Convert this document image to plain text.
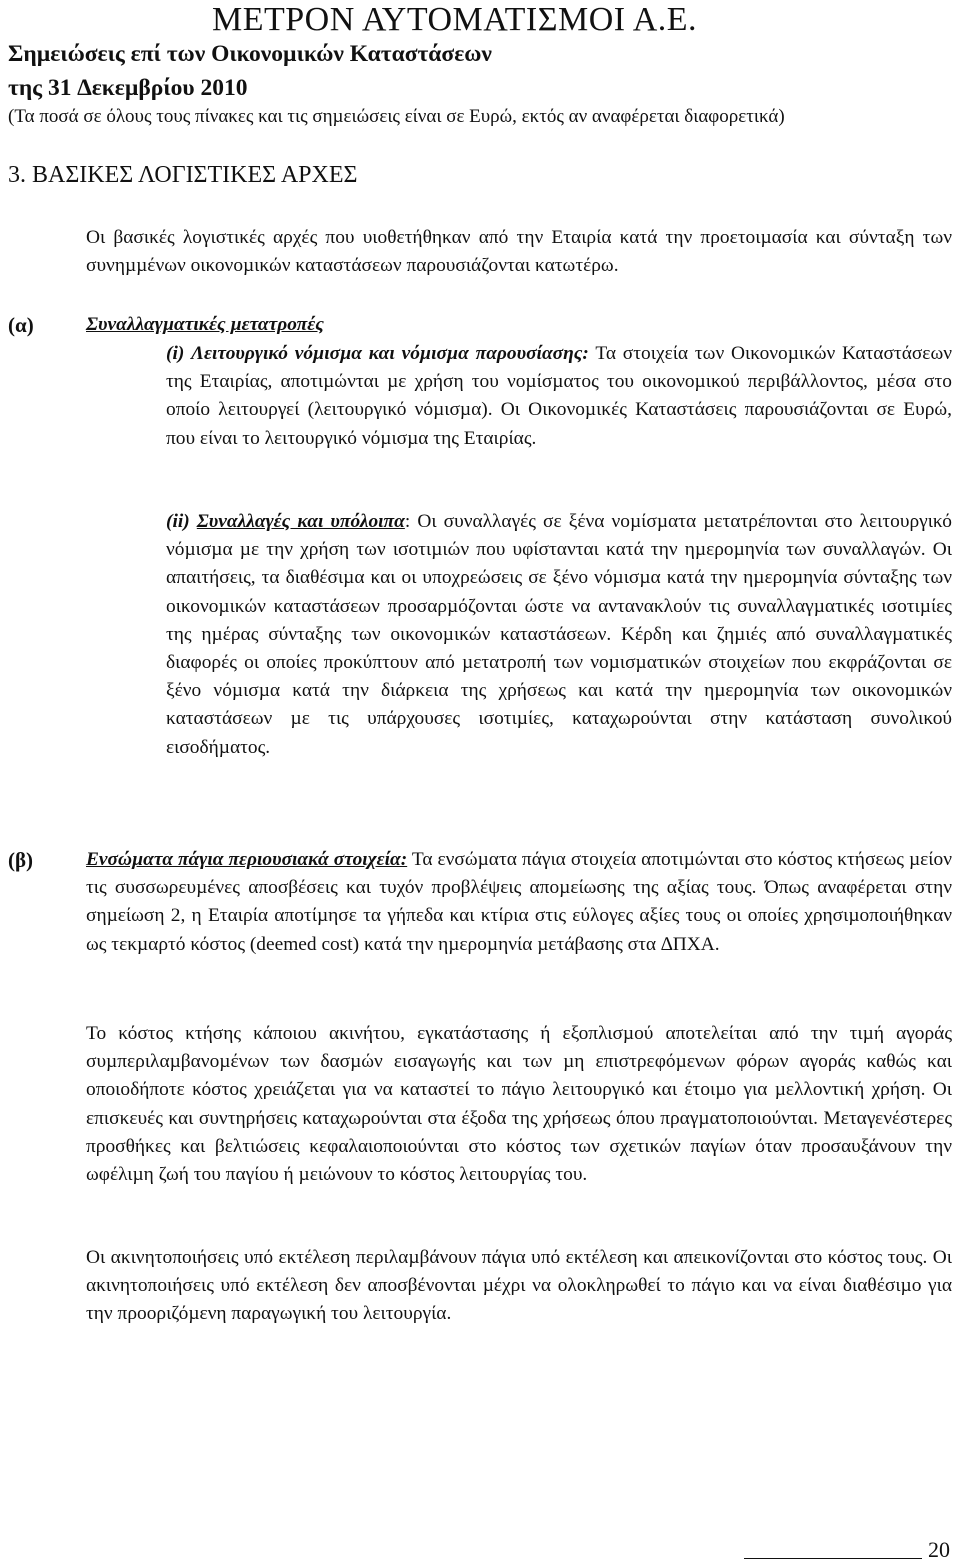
ΜΕΤΡΟΝ ΑΥΤΟΜΑΤΙΣΜΟΙ Α.Ε.
Σηµειώσεις επί των Οικονοµικών Καταστάσεων
της 31 ∆εκεµβρίου 2010
(Τα ποσά σε όλους τους πίνακες και τις σηµειώσεις είναι σε Ευρώ, εκτός αν αναφέρεται διαφορετικά)
3. ΒΑΣΙΚΕΣ ΛΟΓΙΣΤΙΚΕΣ ΑΡΧΕΣ

Οι βασικές λογιστικές αρχές που υιοθετήθηκαν από την Εταιρία κατά την προετοιµασία και σύνταξη των συνηµµένων οικονοµικών καταστάσεων παρουσιάζονται κατωτέρω.

(α)	Συναλλαγµατικές µετατροπές

(i) Λειτουργικό νόµισµα και νόµισµα παρουσίασης: Τα στοιχεία των Οικονοµικών Καταστάσεων της Εταιρίας, αποτιµώνται µε χρήση του νοµίσµατος του οικονοµικού περιβάλλοντος, µέσα στο οποίο λειτουργεί (λειτουργικό νόµισµα). Οι Οικονοµικές Καταστάσεις παρουσιάζονται σε Ευρώ, που είναι το λειτουργικό νόµισµα της Εταιρίας.

(ii) Συναλλαγές και υπόλοιπα: Οι συναλλαγές σε ξένα νοµίσµατα µετατρέπονται στο λειτουργικό νόµισµα µε την χρήση των ισοτιµιών που υφίστανται κατά την ηµεροµηνία των συναλλαγών. Οι απαιτήσεις, τα διαθέσιµα και οι υποχρεώσεις σε ξένο νόµισµα κατά την ηµεροµηνία σύνταξης των οικονοµικών καταστάσεων προσαρµόζονται ώστε να αντανακλούν τις συναλλαγµατικές ισοτιµίες της ηµέρας σύνταξης των οικονοµικών καταστάσεων. Κέρδη και ζηµιές από συναλλαγµατικές διαφορές οι οποίες προκύπτουν από µετατροπή των νοµισµατικών στοιχείων που εκφράζονται σε ξένο νόµισµα κατά την διάρκεια της χρήσεως και κατά την ηµεροµηνία των οικονοµικών καταστάσεων µε τις υπάρχουσες ισοτιµίες, καταχωρούνται στην κατάσταση συνολικού εισοδήµατος.

(β)	Ενσώµατα πάγια περιουσιακά στοιχεία: Τα ενσώµατα πάγια στοιχεία αποτιµώνται στο κόστος κτήσεως µείον τις συσσωρευµένες αποσβέσεις και τυχόν προβλέψεις αποµείωσης της αξίας τους. Όπως αναφέρεται στην σηµείωση 2, η Εταιρία αποτίµησε τα γήπεδα και κτίρια στις εύλογες αξίες τους οι οποίες χρησιµοποιήθηκαν ως τεκµαρτό κόστος (deemed cost) κατά την ηµεροµηνία µετάβασης στα ∆ΠΧΑ.

Το κόστος κτήσης κάποιου ακινήτου, εγκατάστασης ή εξοπλισµού αποτελείται από την τιµή αγοράς συµπεριλαµβανοµένων των δασµών εισαγωγής και των µη επιστρεφόµενων φόρων αγοράς καθώς και οποιοδήποτε κόστος χρειάζεται για να καταστεί το πάγιο λειτουργικό και έτοιµο για µελλοντική χρήση. Οι επισκευές και συντηρήσεις καταχωρούνται στα έξοδα της χρήσεως όπου πραγµατοποιούνται. Μεταγενέστερες προσθήκες και βελτιώσεις κεφαλαιοποιούνται στο κόστος των σχετικών παγίων όταν προσαυξάνουν την ωφέλιµη ζωή του παγίου ή µειώνουν το κόστος λειτουργίας του.

Οι ακινητοποιήσεις υπό εκτέλεση περιλαµβάνουν πάγια υπό εκτέλεση και απεικονίζονται στο κόστος τους. Οι ακινητοποιήσεις υπό εκτέλεση δεν αποσβένονται µέχρι να ολοκληρωθεί το πάγιο και να είναι διαθέσιµο για την προοριζόµενη παραγωγική του λειτουργία.

20
